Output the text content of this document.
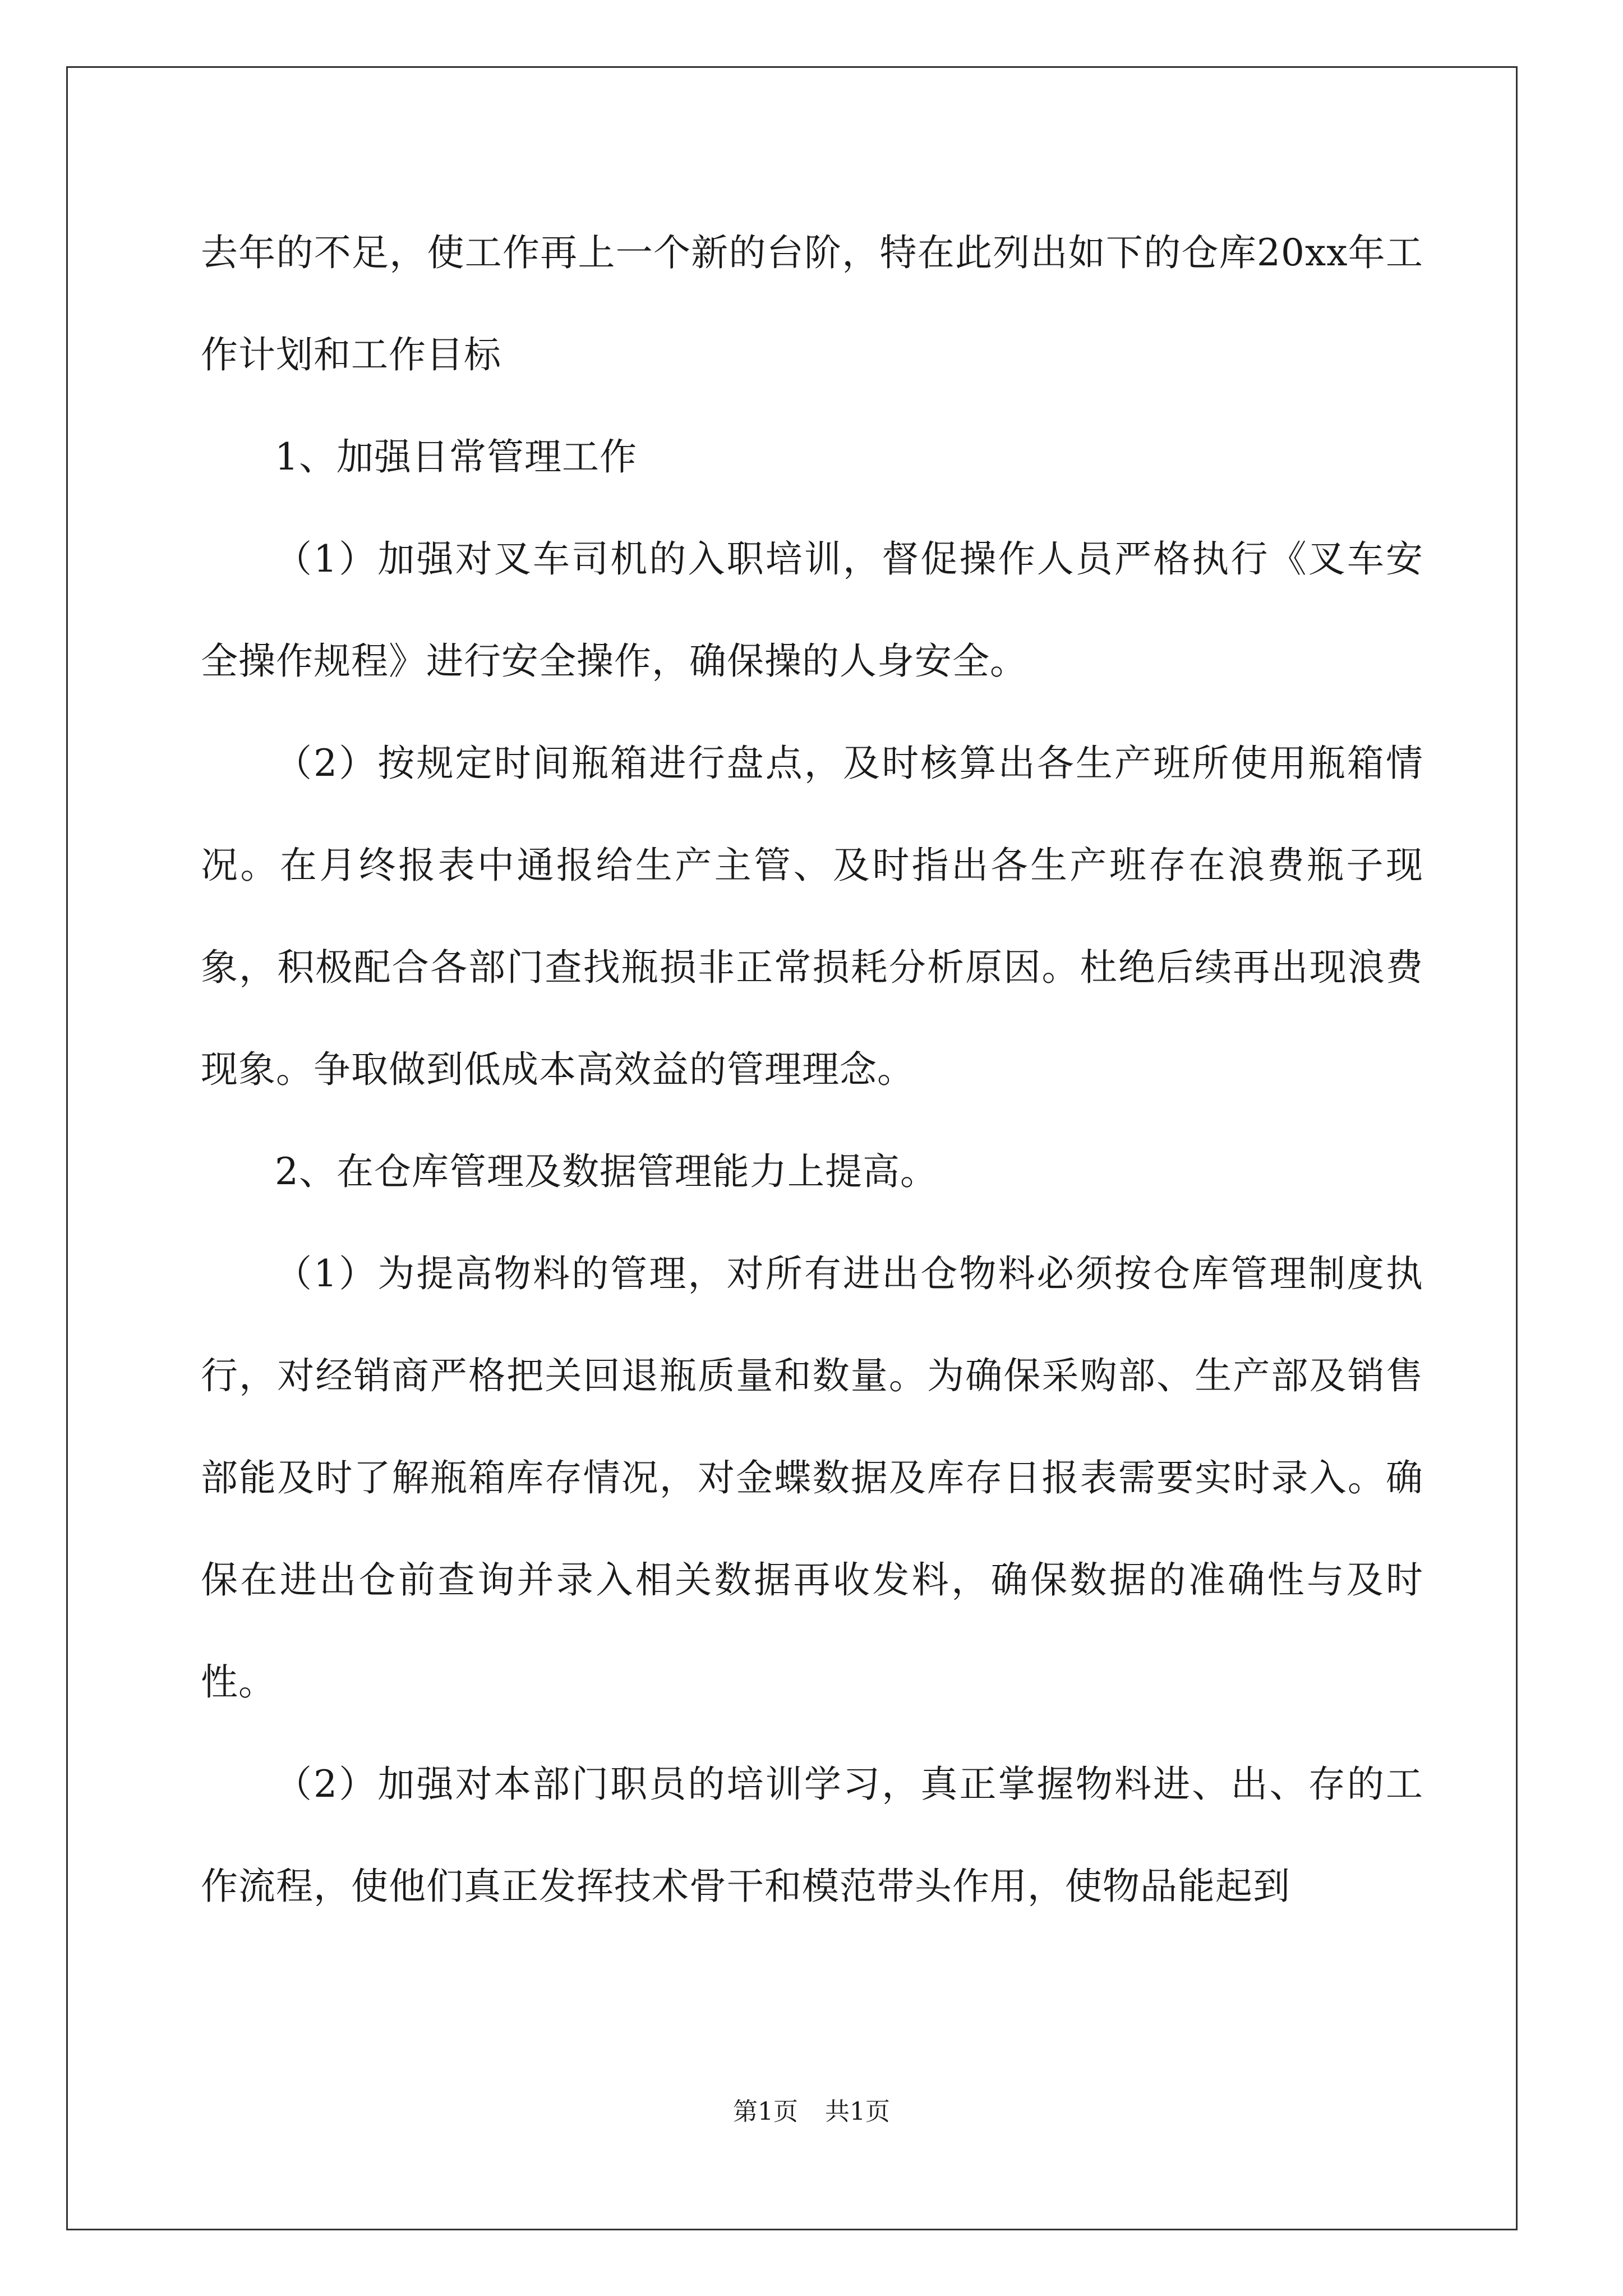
去年的不足，使工作再上一个新的台阶，特在此列出如下的仓库20xx年工作计划和工作目标

1、加强日常管理工作

（1）加强对叉车司机的入职培训，督促操作人员严格执行《叉车安全操作规程》进行安全操作，确保操的人身安全。

（2）按规定时间瓶箱进行盘点，及时核算出各生产班所使用瓶箱情况。在月终报表中通报给生产主管、及时指出各生产班存在浪费瓶子现象，积极配合各部门查找瓶损非正常损耗分析原因。杜绝后续再出现浪费现象。争取做到低成本高效益的管理理念。

2、在仓库管理及数据管理能力上提高。

（1）为提高物料的管理，对所有进出仓物料必须按仓库管理制度执行，对经销商严格把关回退瓶质量和数量。为确保采购部、生产部及销售部能及时了解瓶箱库存情况，对金蝶数据及库存日报表需要实时录入。确保在进出仓前查询并录入相关数据再收发料，确保数据的准确性与及时性。

（2）加强对本部门职员的培训学习，真正掌握物料进、出、存的工作流程，使他们真正发挥技术骨干和模范带头作用，使物品能起到

第1页 共1页
